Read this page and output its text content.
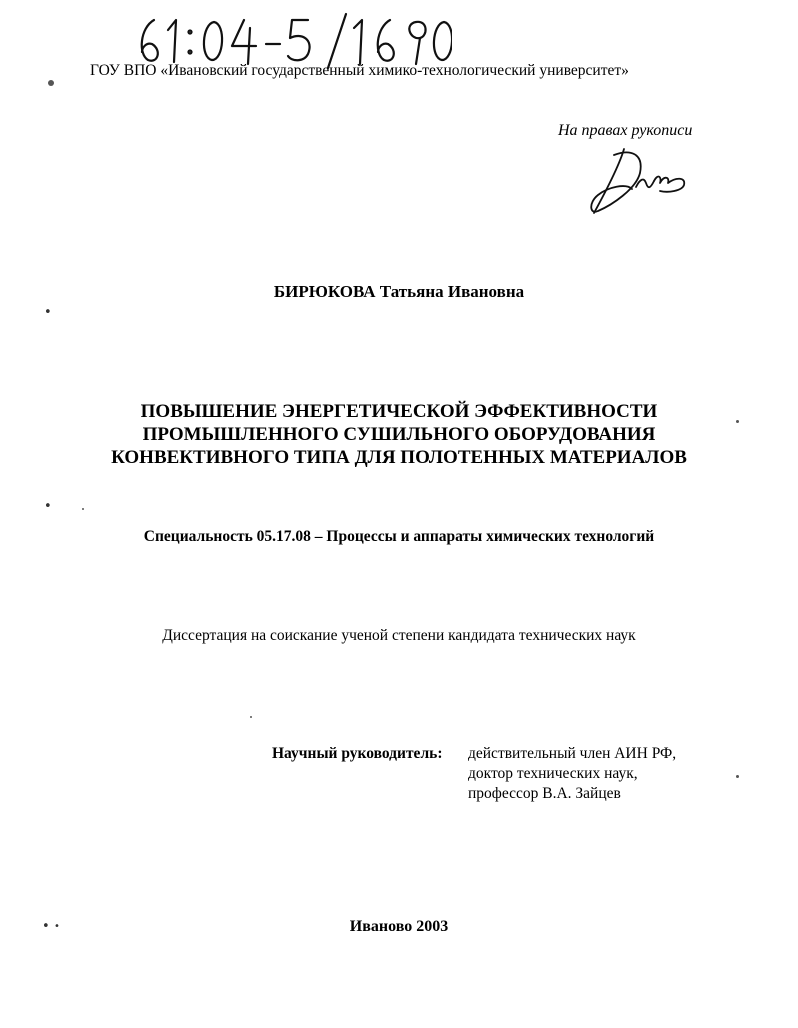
ГОУ ВПО «Ивановский государственный химико-технологический университет»
На правах рукописи
БИРЮКОВА Татьяна Ивановна
•
ПОВЫШЕНИЕ ЭНЕРГЕТИЧЕСКОЙ ЭФФЕКТИВНОСТИ
ПРОМЫШЛЕННОГО СУШИЛЬНОГО ОБОРУДОВАНИЯ
КОНВЕКТИВНОГО ТИПА ДЛЯ ПОЛОТЕННЫХ МАТЕРИАЛОВ
•
Специальность 05.17.08 – Процессы и аппараты химических технологий
Диссертация на соискание ученой степени кандидата технических наук
Научный руководитель:	действительный член АИН РФ,
доктор технических наук,
профессор В.А. Зайцев
•	Иваново 2003
•
